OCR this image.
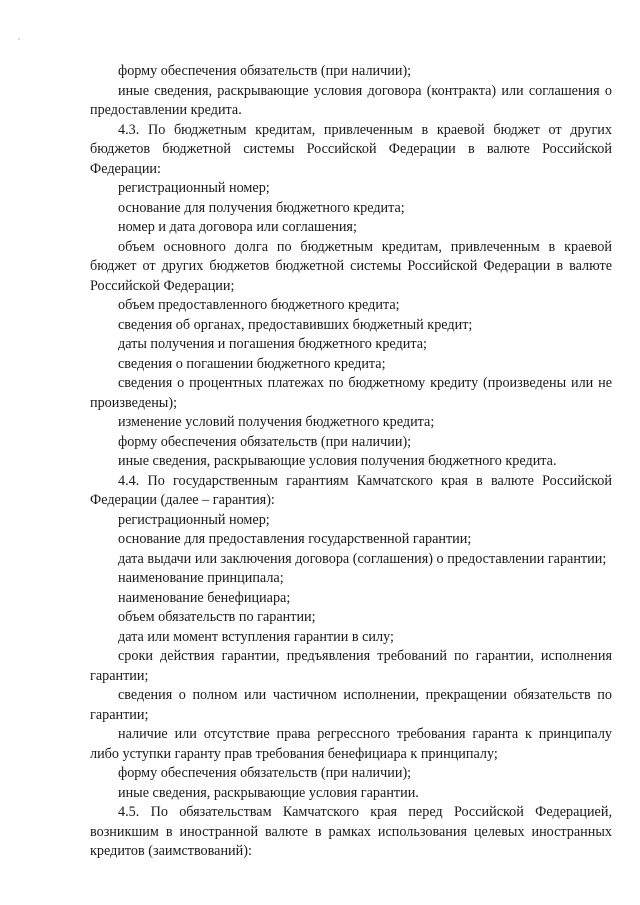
форму обеспечения обязательств (при наличии);

иные сведения, раскрывающие условия договора (контракта) или соглашения о предоставлении кредита.

4.3. По бюджетным кредитам, привлеченным в краевой бюджет от других бюджетов бюджетной системы Российской Федерации в валюте Российской Федерации:

регистрационный номер;

основание для получения бюджетного кредита;

номер и дата договора или соглашения;

объем основного долга по бюджетным кредитам, привлеченным в краевой бюджет от других бюджетов бюджетной системы Российской Федерации в валюте Российской Федерации;

объем предоставленного бюджетного кредита;

сведения об органах, предоставивших бюджетный кредит;

даты получения и погашения бюджетного кредита;

сведения о погашении бюджетного кредита;

сведения о процентных платежах по бюджетному кредиту (произведены или не произведены);

изменение условий получения бюджетного кредита;

форму обеспечения обязательств (при наличии);

иные сведения, раскрывающие условия получения бюджетного кредита.

4.4. По государственным гарантиям Камчатского края в валюте Российской Федерации (далее – гарантия):

регистрационный номер;

основание для предоставления государственной гарантии;

дата выдачи или заключения договора (соглашения) о предоставлении гарантии;

наименование принципала;

наименование бенефициара;

объем обязательств по гарантии;

дата или момент вступления гарантии в силу;

сроки действия гарантии, предъявления требований по гарантии, исполнения гарантии;

сведения о полном или частичном исполнении, прекращении обязательств по гарантии;

наличие или отсутствие права регрессного требования гаранта к принципалу либо уступки гаранту прав требования бенефициара к принципалу;

форму обеспечения обязательств (при наличии);

иные сведения, раскрывающие условия гарантии.

4.5. По обязательствам Камчатского края перед Российской Федерацией, возникшим в иностранной валюте в рамках использования целевых иностранных кредитов (заимствований):
